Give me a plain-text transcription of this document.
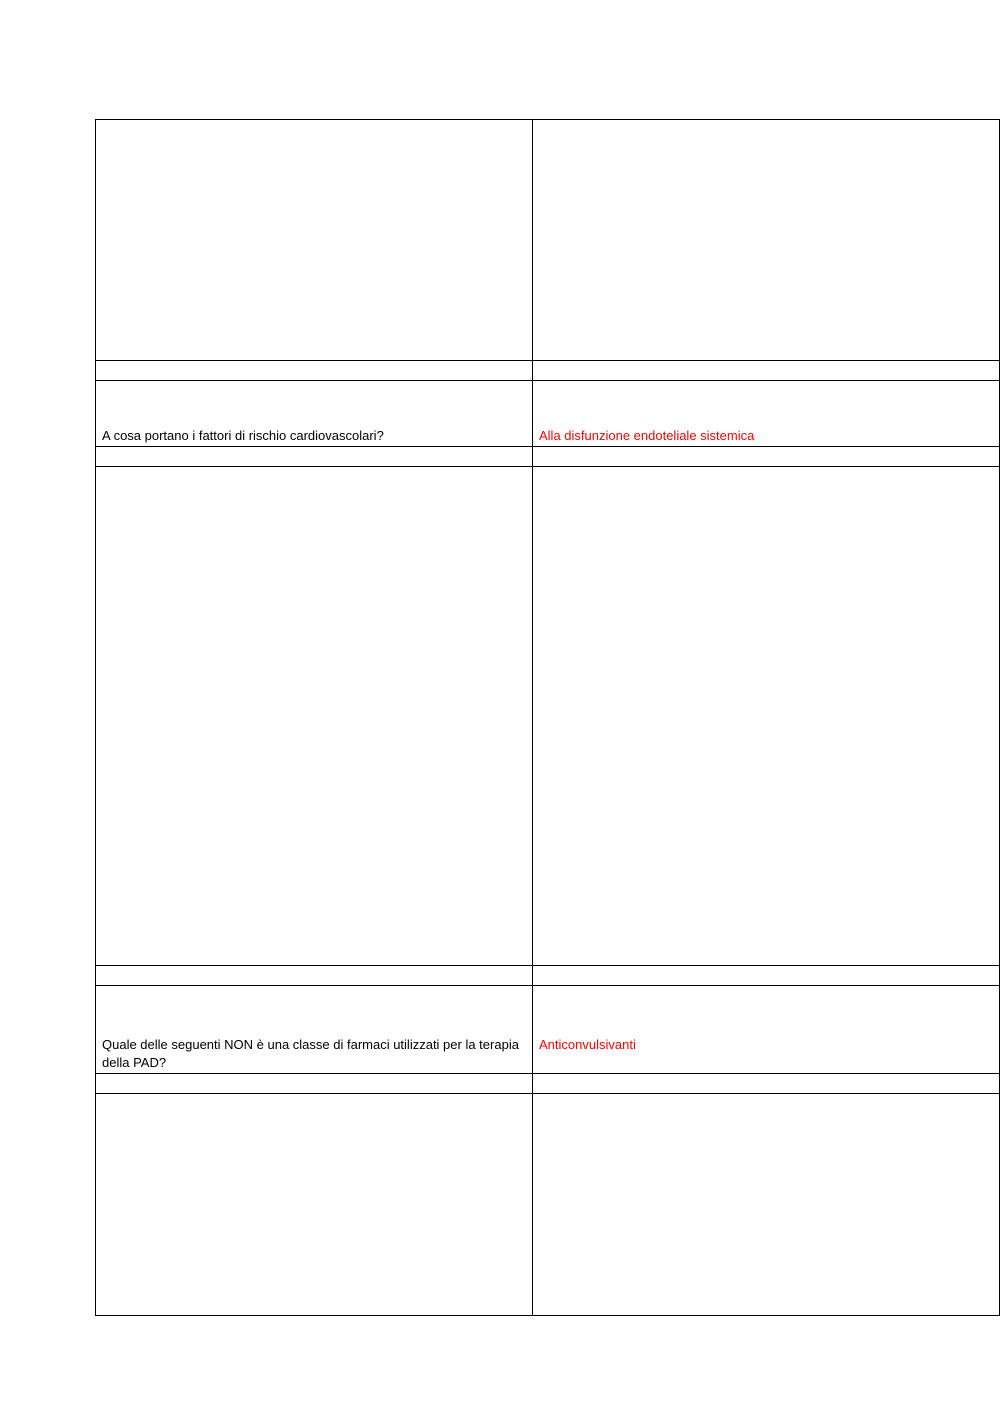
A cosa portano i fattori di rischio cardiovascolari?	Alla disfunzione endoteliale sistemica

Quale delle seguenti NON è una classe di farmaci utilizzati per la terapia della PAD?	Anticonvulsivanti
